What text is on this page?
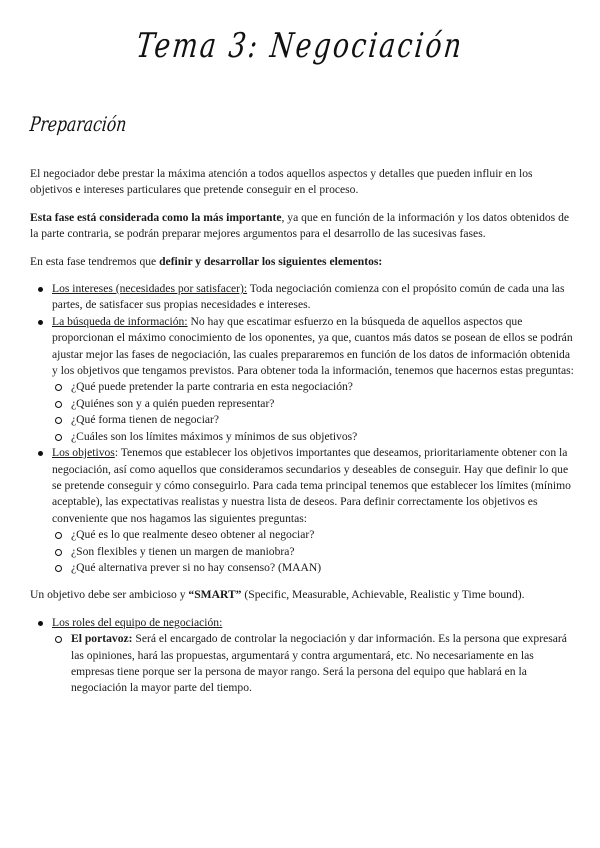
Tema 3: Negociación
Preparación

El negociador debe prestar la máxima atención a todos aquellos aspectos y detalles que pueden influir en los objetivos e intereses particulares que pretende conseguir en el proceso.

Esta fase está considerada como la más importante, ya que en función de la información y los datos obtenidos de la parte contraria, se podrán preparar mejores argumentos para el desarrollo de las sucesivas fases.

En esta fase tendremos que definir y desarrollar los siguientes elementos:

Los intereses (necesidades por satisfacer): Toda negociación comienza con el propósito común de cada una las partes, de satisfacer sus propias necesidades e intereses.
La búsqueda de información: No hay que escatimar esfuerzo en la búsqueda de aquellos aspectos que proporcionan el máximo conocimiento de los oponentes, ya que, cuantos más datos se posean de ellos se podrán ajustar mejor las fases de negociación, las cuales prepararemos en función de los datos de información obtenida y los objetivos que tengamos previstos. Para obtener toda la información, tenemos que hacernos estas preguntas:
¿Qué puede pretender la parte contraria en esta negociación?
¿Quiénes son y a quién pueden representar?
¿Qué forma tienen de negociar?
¿Cuáles son los límites máximos y mínimos de sus objetivos?
Los objetivos: Tenemos que establecer los objetivos importantes que deseamos, prioritariamente obtener con la negociación, así como aquellos que consideramos secundarios y deseables de conseguir. Hay que definir lo que se pretende conseguir y cómo conseguirlo. Para cada tema principal tenemos que establecer los límites (mínimo aceptable), las expectativas realistas y nuestra lista de deseos. Para definir correctamente los objetivos es conveniente que nos hagamos las siguientes preguntas:
¿Qué es lo que realmente deseo obtener al negociar?
¿Son flexibles y tienen un margen de maniobra?
¿Qué alternativa prever si no hay consenso? (MAAN)

Un objetivo debe ser ambicioso y “SMART” (Specific, Measurable, Achievable, Realistic y Time bound).

Los roles del equipo de negociación:
El portavoz: Será el encargado de controlar la negociación y dar información. Es la persona que expresará las opiniones, hará las propuestas, argumentará y contra argumentará, etc. No necesariamente en las empresas tiene porque ser la persona de mayor rango. Será la persona del equipo que hablará en la negociación la mayor parte del tiempo.
